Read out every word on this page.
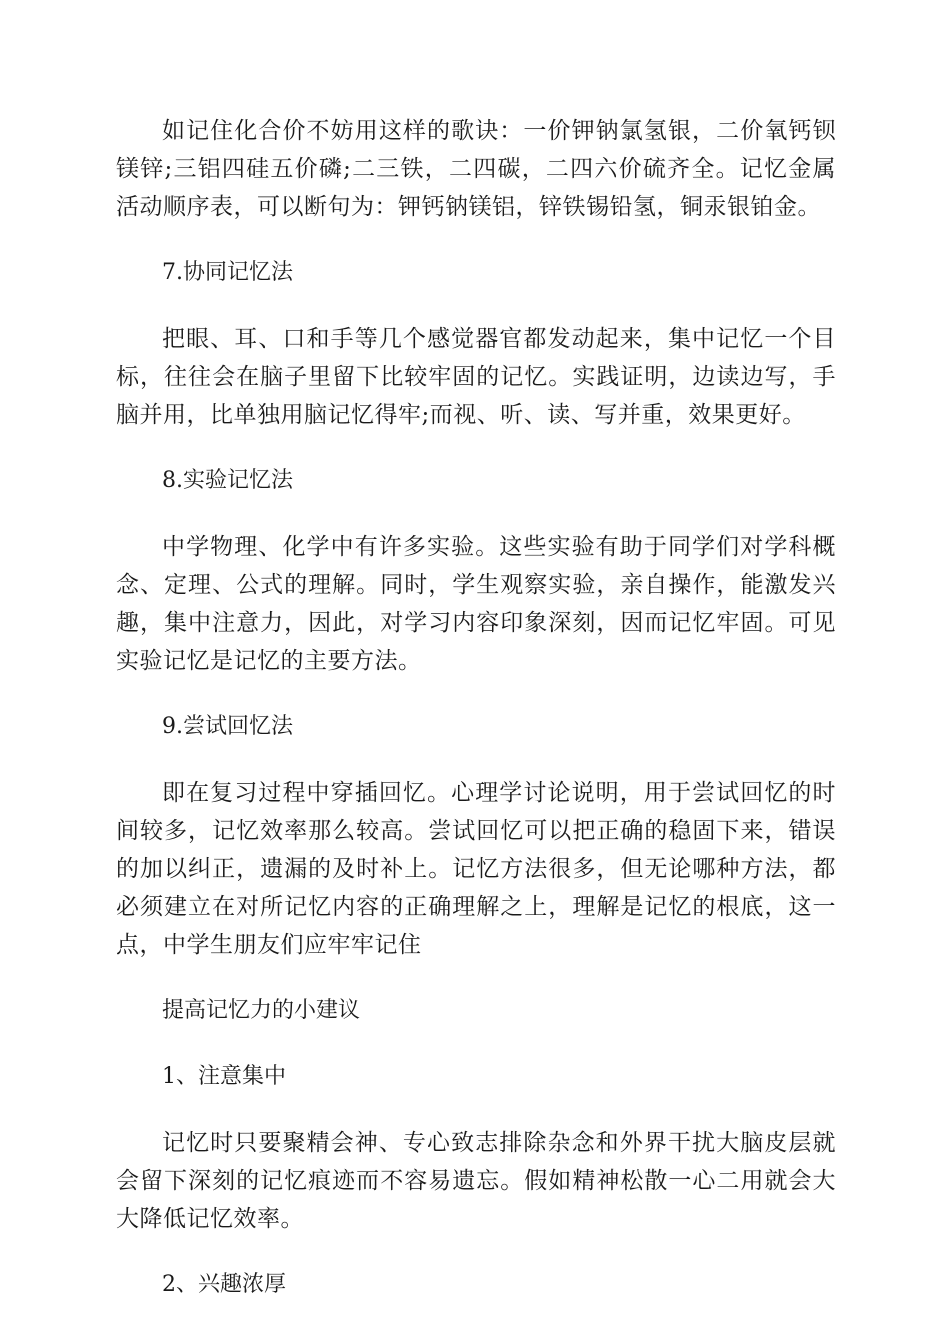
如记住化合价不妨用这样的歌诀：一价钾钠氯氢银，二价氧钙钡镁锌;三铝四硅五价磷;二三铁，二四碳，二四六价硫齐全。记忆金属活动顺序表，可以断句为：钾钙钠镁铝，锌铁锡铅氢，铜汞银铂金。

7.协同记忆法

把眼、耳、口和手等几个感觉器官都发动起来，集中记忆一个目标，往往会在脑子里留下比较牢固的记忆。实践证明，边读边写，手脑并用，比单独用脑记忆得牢;而视、听、读、写并重，效果更好。

8.实验记忆法

中学物理、化学中有许多实验。这些实验有助于同学们对学科概念、定理、公式的理解。同时，学生观察实验，亲自操作，能激发兴趣，集中注意力，因此，对学习内容印象深刻，因而记忆牢固。可见实验记忆是记忆的主要方法。

9.尝试回忆法

即在复习过程中穿插回忆。心理学讨论说明，用于尝试回忆的时间较多，记忆效率那么较高。尝试回忆可以把正确的稳固下来，错误的加以纠正，遗漏的及时补上。记忆方法很多，但无论哪种方法，都必须建立在对所记忆内容的正确理解之上，理解是记忆的根底，这一点，中学生朋友们应牢牢记住

提高记忆力的小建议

1、注意集中

记忆时只要聚精会神、专心致志排除杂念和外界干扰大脑皮层就会留下深刻的记忆痕迹而不容易遗忘。假如精神松散一心二用就会大大降低记忆效率。

2、兴趣浓厚
